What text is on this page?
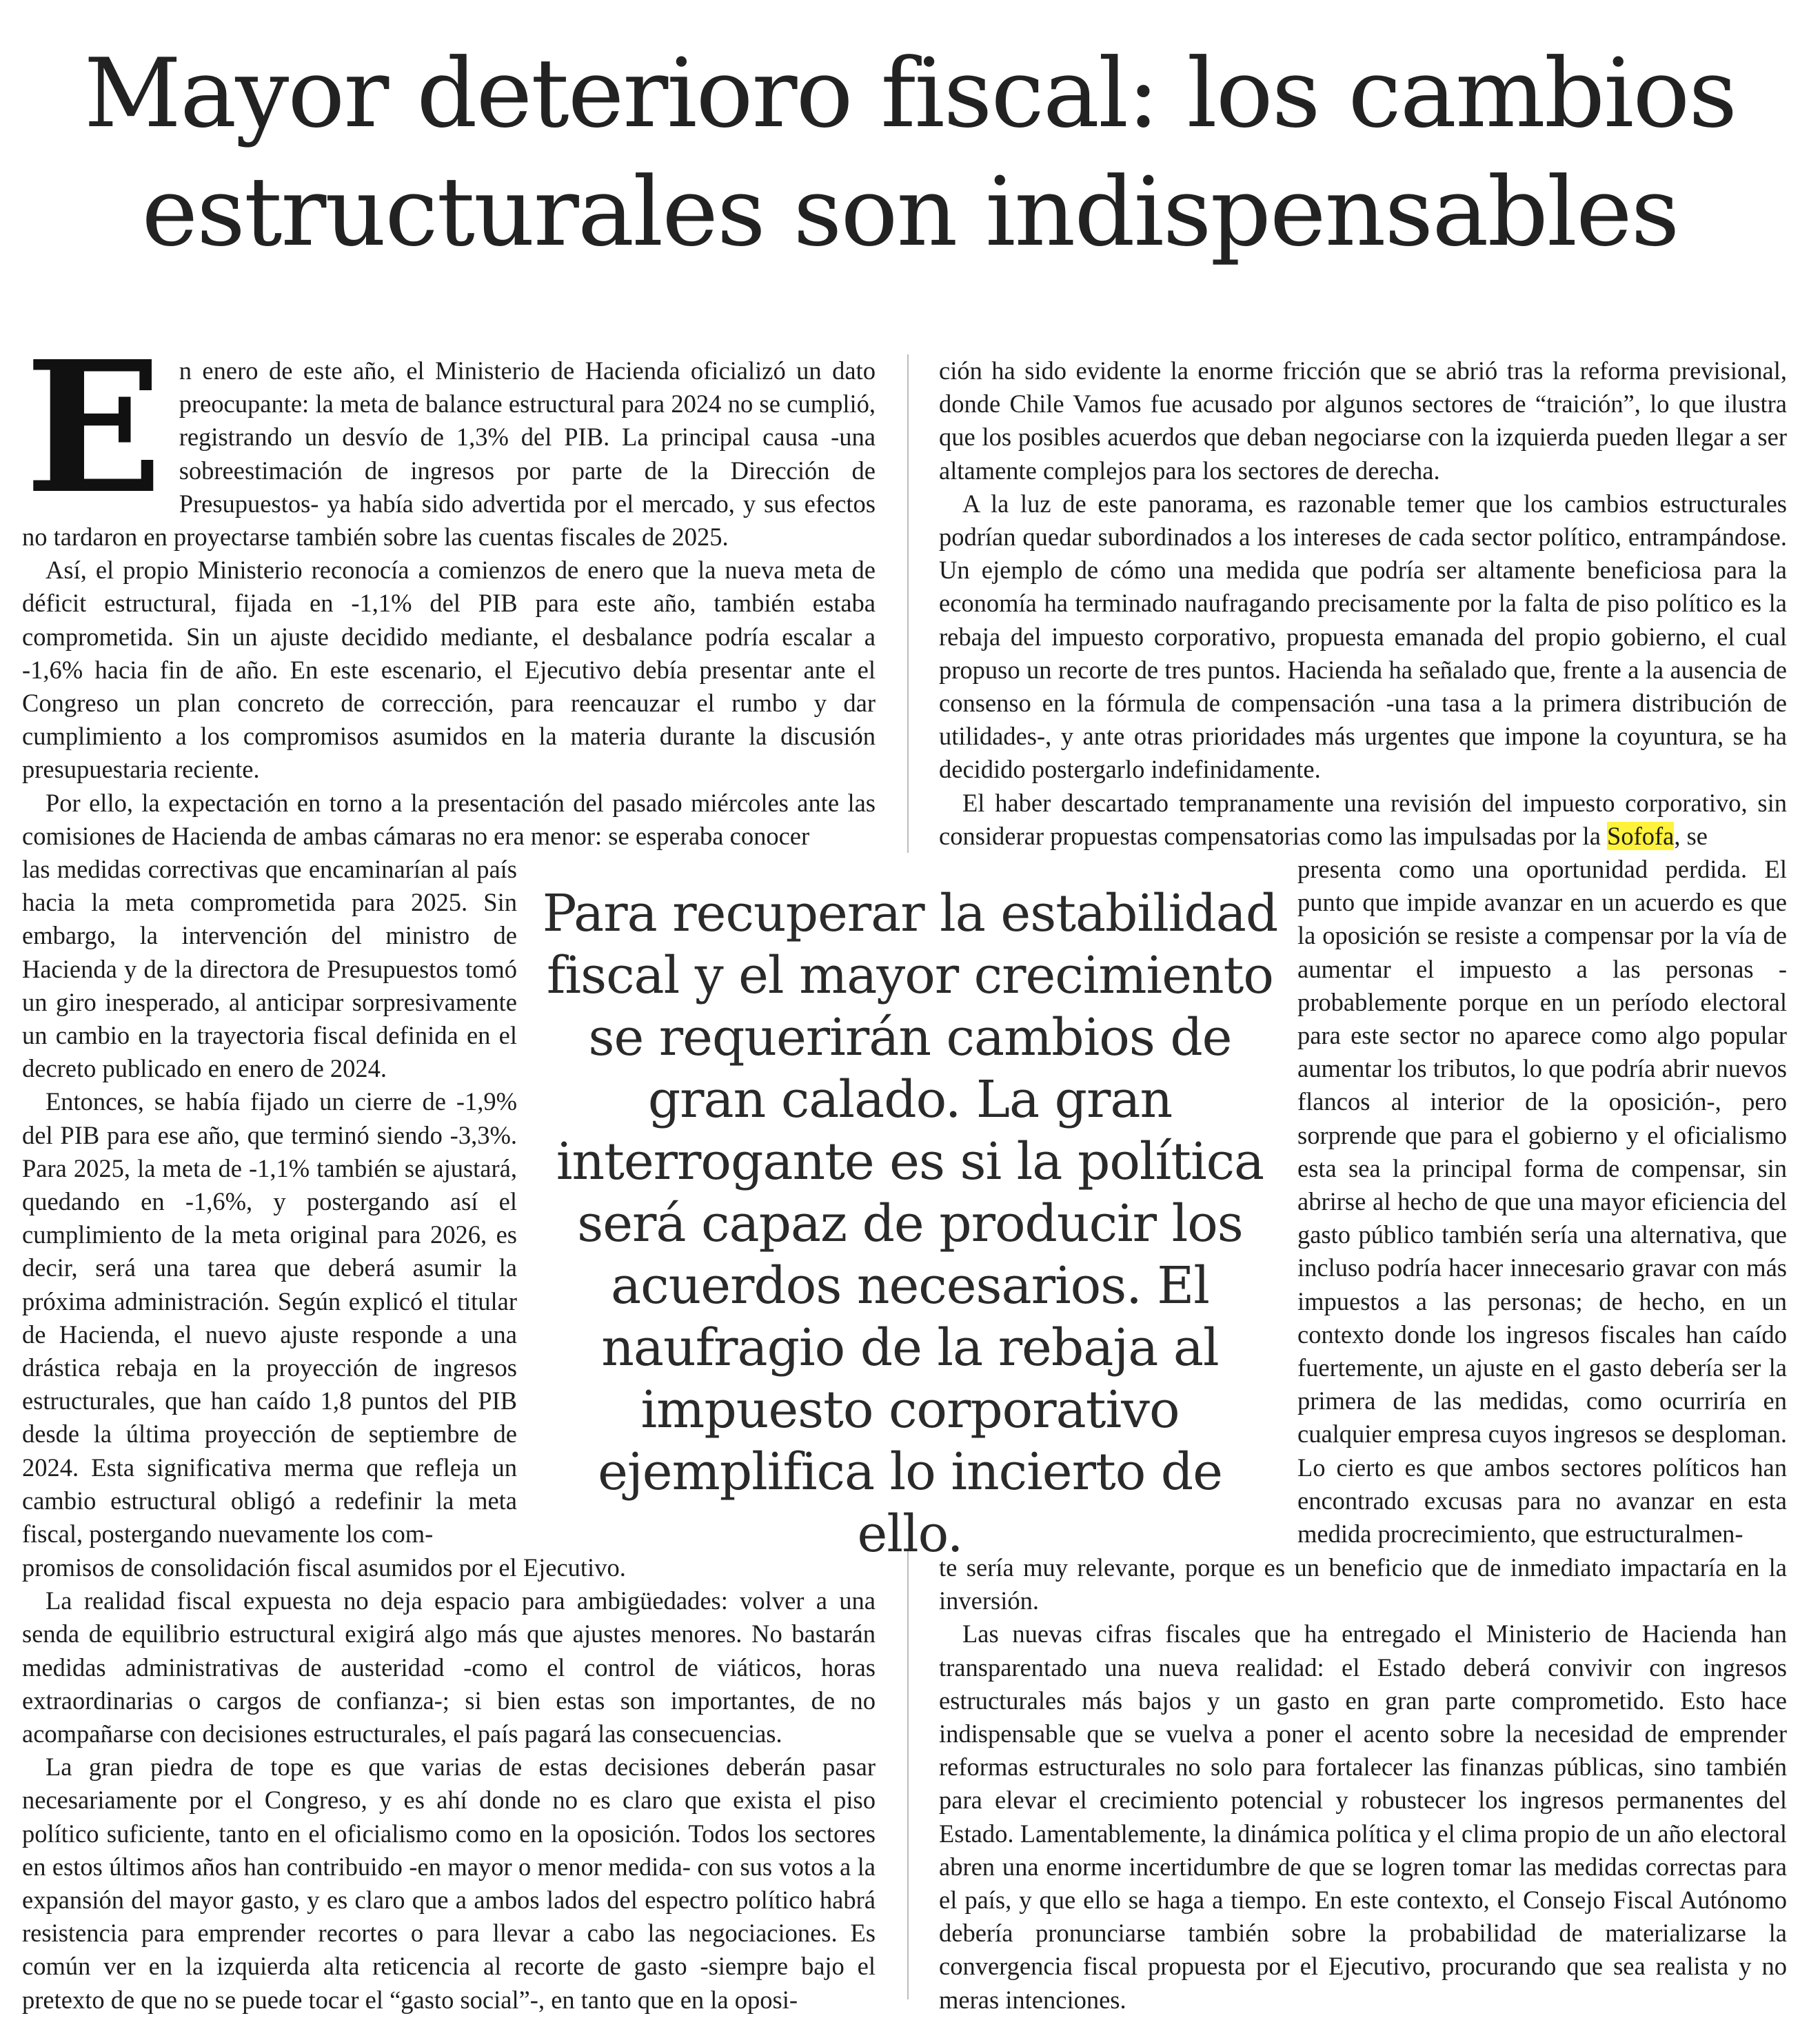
Mayor deterioro fiscal: los cambios estructurales son indispensables

En enero de este año, el Ministerio de Hacienda oficializó un dato preocupante: la meta de balance estructural para 2024 no se cumplió, registrando un desvío de 1,3% del PIB. La principal causa -una sobreestimación de ingresos por parte de la Dirección de Presupuestos- ya había sido advertida por el mercado, y sus efectos no tardaron en proyectarse también sobre las cuentas fiscales de 2025.

Así, el propio Ministerio reconocía a comienzos de enero que la nueva meta de déficit estructural, fijada en -1,1% del PIB para este año, también estaba comprometida. Sin un ajuste decidido mediante, el desbalance podría escalar a -1,6% hacia fin de año. En este escenario, el Ejecutivo debía presentar ante el Congreso un plan concreto de corrección, para reencauzar el rumbo y dar cumplimiento a los compromisos asumidos en la materia durante la discusión presupuestaria reciente.

Por ello, la expectación en torno a la presentación del pasado miércoles ante las comisiones de Hacienda de ambas cámaras no era menor: se esperaba conocer

las medidas correctivas que encaminarían al país hacia la meta comprometida para 2025. Sin embargo, la intervención del ministro de Hacienda y de la directora de Presupuestos tomó un giro inesperado, al anticipar sorpresivamente un cambio en la trayectoria fiscal definida en el decreto publicado en enero de 2024.

Entonces, se había fijado un cierre de -1,9% del PIB para ese año, que terminó siendo -3,3%. Para 2025, la meta de -1,1% también se ajustará, quedando en -1,6%, y postergando así el cumplimiento de la meta original para 2026, es decir, será una tarea que deberá asumir la próxima administración. Según explicó el titular de Hacienda, el nuevo ajuste responde a una drástica rebaja en la proyección de ingresos estructurales, que han caído 1,8 puntos del PIB desde la última proyección de septiembre de 2024. Esta significativa merma que refleja un cambio estructural obligó a redefinir la meta fiscal, postergando nuevamente los com-

promisos de consolidación fiscal asumidos por el Ejecutivo.

La realidad fiscal expuesta no deja espacio para ambigüedades: volver a una senda de equilibrio estructural exigirá algo más que ajustes menores. No bastarán medidas administrativas de austeridad -como el control de viáticos, horas extraordinarias o cargos de confianza-; si bien estas son importantes, de no acompañarse con decisiones estructurales, el país pagará las consecuencias.

La gran piedra de tope es que varias de estas decisiones deberán pasar necesariamente por el Congreso, y es ahí donde no es claro que exista el piso político suficiente, tanto en el oficialismo como en la oposición. Todos los sectores en estos últimos años han contribuido -en mayor o menor medida- con sus votos a la expansión del mayor gasto, y es claro que a ambos lados del espectro político habrá resistencia para emprender recortes o para llevar a cabo las negociaciones. Es común ver en la izquierda alta reticencia al recorte de gasto -siempre bajo el pretexto de que no se puede tocar el “gasto social”-, en tanto que en la oposi-

ción ha sido evidente la enorme fricción que se abrió tras la reforma previsional, donde Chile Vamos fue acusado por algunos sectores de “traición”, lo que ilustra que los posibles acuerdos que deban negociarse con la izquierda pueden llegar a ser altamente complejos para los sectores de derecha.

A la luz de este panorama, es razonable temer que los cambios estructurales podrían quedar subordinados a los intereses de cada sector político, entrampándose. Un ejemplo de cómo una medida que podría ser altamente beneficiosa para la economía ha terminado naufragando precisamente por la falta de piso político es la rebaja del impuesto corporativo, propuesta emanada del propio gobierno, el cual propuso un recorte de tres puntos. Hacienda ha señalado que, frente a la ausencia de consenso en la fórmula de compensación -una tasa a la primera distribución de utilidades-, y ante otras prioridades más urgentes que impone la coyuntura, se ha decidido postergarlo indefinidamente.

El haber descartado tempranamente una revisión del impuesto corporativo, sin considerar propuestas compensatorias como las impulsadas por la Sofofa, se

presenta como una oportunidad perdida. El punto que impide avanzar en un acuerdo es que la oposición se resiste a compensar por la vía de aumentar el impuesto a las personas -probablemente porque en un período electoral para este sector no aparece como algo popular aumentar los tributos, lo que podría abrir nuevos flancos al interior de la oposición-, pero sorprende que para el gobierno y el oficialismo esta sea la principal forma de compensar, sin abrirse al hecho de que una mayor eficiencia del gasto público también sería una alternativa, que incluso podría hacer innecesario gravar con más impuestos a las personas; de hecho, en un contexto donde los ingresos fiscales han caído fuertemente, un ajuste en el gasto debería ser la primera de las medidas, como ocurriría en cualquier empresa cuyos ingresos se desploman. Lo cierto es que ambos sectores políticos han encontrado excusas para no avanzar en esta medida procrecimiento, que estructuralmen-

te sería muy relevante, porque es un beneficio que de inmediato impactaría en la inversión.

Las nuevas cifras fiscales que ha entregado el Ministerio de Hacienda han transparentado una nueva realidad: el Estado deberá convivir con ingresos estructurales más bajos y un gasto en gran parte comprometido. Esto hace indispensable que se vuelva a poner el acento sobre la necesidad de emprender reformas estructurales no solo para fortalecer las finanzas públicas, sino también para elevar el crecimiento potencial y robustecer los ingresos permanentes del Estado. Lamentablemente, la dinámica política y el clima propio de un año electoral abren una enorme incertidumbre de que se logren tomar las medidas correctas para el país, y que ello se haga a tiempo. En este contexto, el Consejo Fiscal Autónomo debería pronunciarse también sobre la probabilidad de materializarse la convergencia fiscal propuesta por el Ejecutivo, procurando que sea realista y no meras intenciones.

Para recuperar la estabilidad fiscal y el mayor crecimiento se requerirán cambios de gran calado. La gran interrogante es si la política será capaz de producir los acuerdos necesarios. El naufragio de la rebaja al impuesto corporativo ejemplifica lo incierto de ello.
